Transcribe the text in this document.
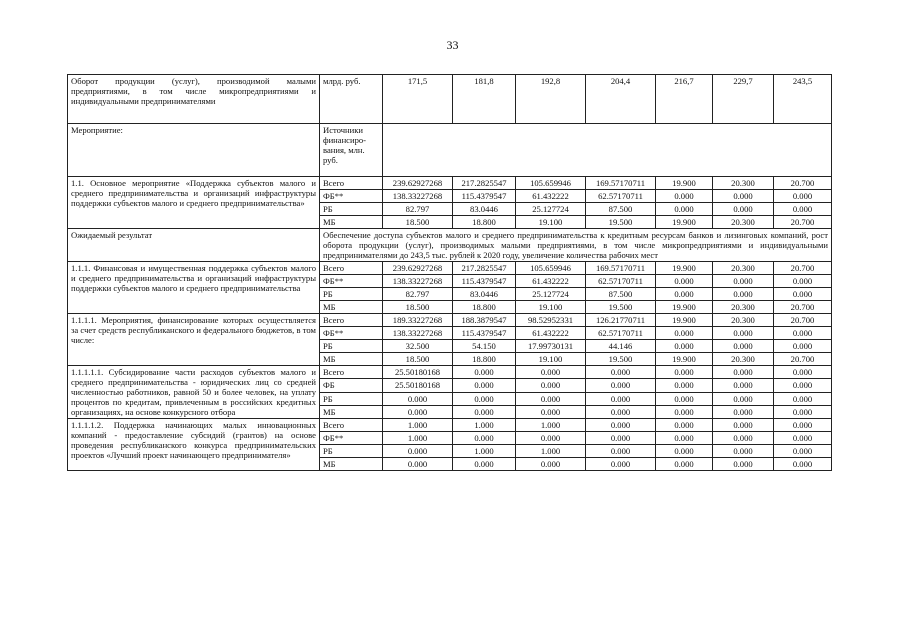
33
Оборот продукции (услуг), производимой малыми предприятиями, в том числе микропредприятиями и индивидуальными предпринимателями	млрд. руб.	171,5	181,8	192,8	204,4	216,7	229,7	243,5
Мероприятие:	Источники финансиро-вания, млн. руб.							
1.1. Основное мероприятие «Поддержка субъектов малого и среднего предпринимательства и организаций инфраструктуры поддержки субъектов малого и среднего предпринимательства»	Всего	239.62927268	217.2825547	105.659946	169.57170711	19.900	20.300	20.700
	ФБ**	138.33227268	115.4379547	61.432222	62.57170711	0.000	0.000	0.000
	РБ	82.797	83.0446	25.127724	87.500	0.000	0.000	0.000
	МБ	18.500	18.800	19.100	19.500	19.900	20.300	20.700
Ожидаемый результат	Обеспечение доступа субъектов малого и среднего предпринимательства к кредитным ресурсам банков и лизинговых компаний, рост оборота продукции (услуг), производимых малыми предприятиями, в том числе микропредприятиями и индивидуальными предпринимателями до 243,5 тыс. рублей к 2020 году, увеличение количества рабочих мест							
1.1.1. Финансовая и имущественная поддержка субъектов малого и среднего предпринимательства и организаций инфраструктуры поддержки субъектов малого и среднего предпринимательства	Всего	239.62927268	217.2825547	105.659946	169.57170711	19.900	20.300	20.700
	ФБ**	138.33227268	115.4379547	61.432222	62.57170711	0.000	0.000	0.000
	РБ	82.797	83.0446	25.127724	87.500	0.000	0.000	0.000
	МБ	18.500	18.800	19.100	19.500	19.900	20.300	20.700
1.1.1.1. Мероприятия, финансирование которых осуществляется за счет средств республиканского и федерального бюджетов, в том числе:	Всего	189.33227268	188.3879547	98.52952331	126.21770711	19.900	20.300	20.700
	ФБ**	138.33227268	115.4379547	61.432222	62.57170711	0.000	0.000	0.000
	РБ	32.500	54.150	17.99730131	44.146	0.000	0.000	0.000
	МБ	18.500	18.800	19.100	19.500	19.900	20.300	20.700
1.1.1.1.1. Субсидирование части расходов субъектов малого и среднего предпринимательства - юридических лиц со средней численностью работников, равной 50 и более человек, на уплату процентов по кредитам, привлеченным в российских кредитных организациях, на основе конкурсного отбора	Всего	25.50180168	0.000	0.000	0.000	0.000	0.000	0.000
	ФБ	25.50180168	0.000	0.000	0.000	0.000	0.000	0.000
	РБ	0.000	0.000	0.000	0.000	0.000	0.000	0.000
	МБ	0.000	0.000	0.000	0.000	0.000	0.000	0.000
1.1.1.1.2. Поддержка начинающих малых инновационных компаний - предоставление субсидий (грантов) на основе проведения республиканского конкурса предпринимательских проектов «Лучший проект начинающего предпринимателя»	Всего	1.000	1.000	1.000	0.000	0.000	0.000	0.000
	ФБ**	1.000	0.000	0.000	0.000	0.000	0.000	0.000
	РБ	0.000	1.000	1.000	0.000	0.000	0.000	0.000
	МБ	0.000	0.000	0.000	0.000	0.000	0.000	0.000
